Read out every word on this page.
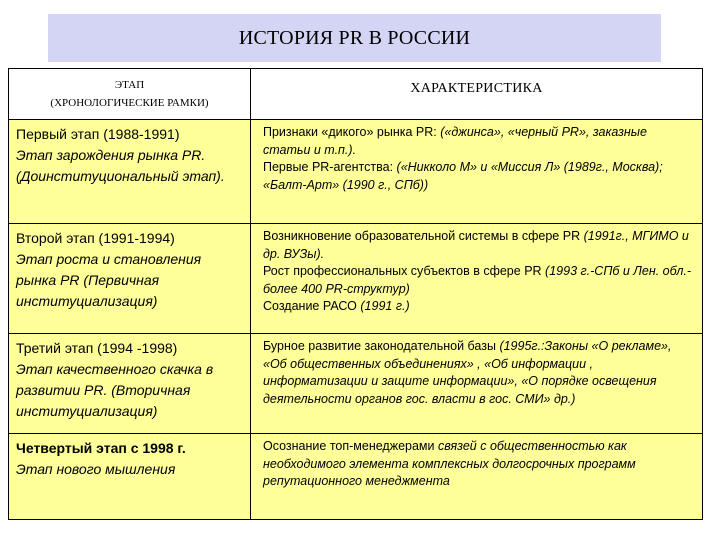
ИСТОРИЯ PR В РОССИИ
ЭТАП
(ХРОНОЛОГИЧЕСКИЕ РАМКИ)
ХАРАКТЕРИСТИКА
Первый этап (1988-1991)
Этап зарождения рынка PR.(Доинституциональный этап).

Признаки «дикого» рынка PR: («джинса», «черный PR», заказные статьи и т.п.).

Первые PR-агентства: («Никколо М» и «Миссия Л» (1989г., Москва); «Балт-Арт» (1990 г., СПб))

Второй этап (1991-1994)
Этап роста и становления рынка PR (Первичная институциализация)

Возникновение образовательной системы в сфере PR (1991г., МГИМО и др. ВУЗы).

Рост профессиональных субъектов в сфере PR (1993 г.-СПб и Лен. обл.- более 400 PR-структур)

Создание РАСО (1991 г.)

Третий этап (1994 -1998)
Этап качественного скачка в развитии PR. (Вторичная институциализация)

Бурное развитие законодательной базы (1995г.:Законы «О рекламе», «Об общественных объединениях» , «Об информации , информатизации и защите информации», «О порядке освещения деятельности органов гос. власти в гос. СМИ» др.)

Четвертый этап с 1998 г.
Этап нового мышления

Осознание топ-менеджерами связей с общественностью как необходимого элемента комплексных долгосрочных программ репутационного менеджмента
